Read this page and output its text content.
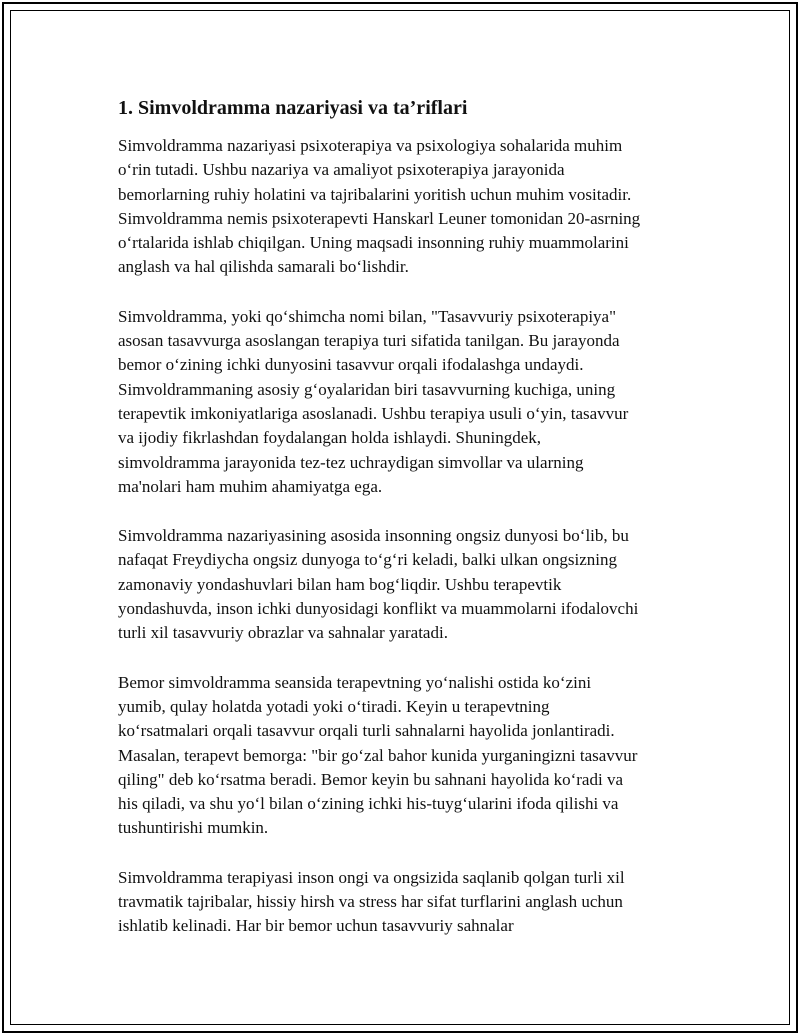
1. Simvoldramma nazariyasi va ta’riflari

Simvoldramma nazariyasi psixoterapiya va psixologiya sohalarida muhim
o‘rin tutadi. Ushbu nazariya va amaliyot psixoterapiya jarayonida
bemorlarning ruhiy holatini va tajribalarini yoritish uchun muhim vositadir.
Simvoldramma nemis psixoterapevti Hanskarl Leuner tomonidan 20-asrning
o‘rtalarida ishlab chiqilgan. Uning maqsadi insonning ruhiy muammolarini
anglash va hal qilishda samarali bo‘lishdir.

Simvoldramma, yoki qo‘shimcha nomi bilan, "Tasavvuriy psixoterapiya"
asosan tasavvurga asoslangan terapiya turi sifatida tanilgan. Bu jarayonda
bemor o‘zining ichki dunyosini tasavvur orqali ifodalashga undaydi.
Simvoldrammaning asosiy g‘oyalaridan biri tasavvurning kuchiga, uning
terapevtik imkoniyatlariga asoslanadi. Ushbu terapiya usuli o‘yin, tasavvur
va ijodiy fikrlashdan foydalangan holda ishlaydi. Shuningdek,
simvoldramma jarayonida tez-tez uchraydigan simvollar va ularning
ma'nolari ham muhim ahamiyatga ega.

Simvoldramma nazariyasining asosida insonning ongsiz dunyosi bo‘lib, bu
nafaqat Freydiycha ongsiz dunyoga to‘g‘ri keladi, balki ulkan ongsizning
zamonaviy yondashuvlari bilan ham bog‘liqdir. Ushbu terapevtik
yondashuvda, inson ichki dunyosidagi konflikt va muammolarni ifodalovchi
turli xil tasavvuriy obrazlar va sahnalar yaratadi.

Bemor simvoldramma seansida terapevtning yo‘nalishi ostida ko‘zini
yumib, qulay holatda yotadi yoki o‘tiradi. Keyin u terapevtning
ko‘rsatmalari orqali tasavvur orqali turli sahnalarni hayolida jonlantiradi.
Masalan, terapevt bemorga: "bir go‘zal bahor kunida yurganingizni tasavvur
qiling" deb ko‘rsatma beradi. Bemor keyin bu sahnani hayolida ko‘radi va
his qiladi, va shu yo‘l bilan o‘zining ichki his-tuyg‘ularini ifoda qilishi va
tushuntirishi mumkin.

Simvoldramma terapiyasi inson ongi va ongsizida saqlanib qolgan turli xil
travmatik tajribalar, hissiy hirsh va stress har sifat turflarini anglash uchun
ishlatib kelinadi. Har bir bemor uchun tasavvuriy sahnalar
